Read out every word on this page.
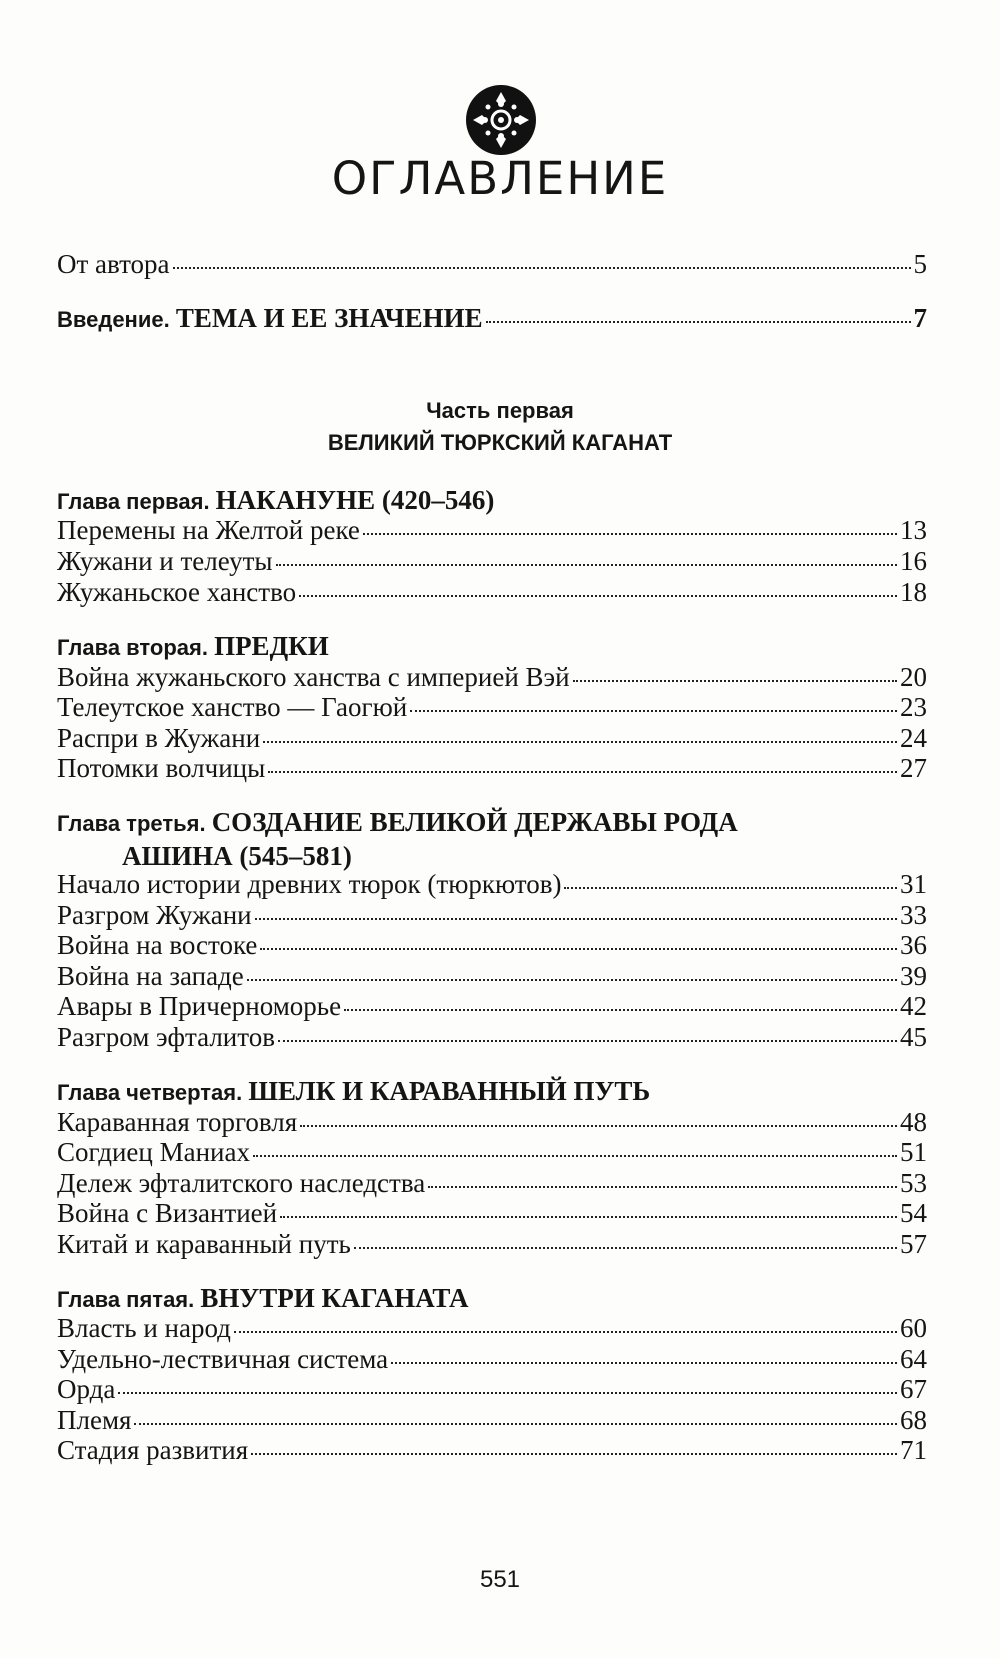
ОГЛАВЛЕНИЕ
От автора	5
Введение. ТЕМА И ЕЕ ЗНАЧЕНИЕ	7
Часть первая
ВЕЛИКИЙ ТЮРКСКИЙ КАГАНАТ
Глава первая. НАКАНУНЕ (420–546)
Перемены на Желтой реке	13
Жужани и телеуты	16
Жужаньское ханство	18
Глава вторая. ПРЕДКИ
Война жужаньского ханства с империей Вэй	20
Телеутское ханство — Гаогюй	23
Распри в Жужани	24
Потомки волчицы	27
Глава третья. СОЗДАНИЕ ВЕЛИКОЙ ДЕРЖАВЫ РОДА
АШИНА (545–581)
Начало истории древних тюрок (тюркютов)	31
Разгром Жужани	33
Война на востоке	36
Война на западе	39
Авары в Причерноморье	42
Разгром эфталитов	45
Глава четвертая. ШЕЛК И КАРАВАННЫЙ ПУТЬ
Караванная торговля	48
Согдиец Маниах	51
Дележ эфталитского наследства	53
Война с Византией	54
Китай и караванный путь	57
Глава пятая. ВНУТРИ КАГАНАТА
Власть и народ	60
Удельно-лествичная система	64
Орда	67
Племя	68
Стадия развития	71
551
